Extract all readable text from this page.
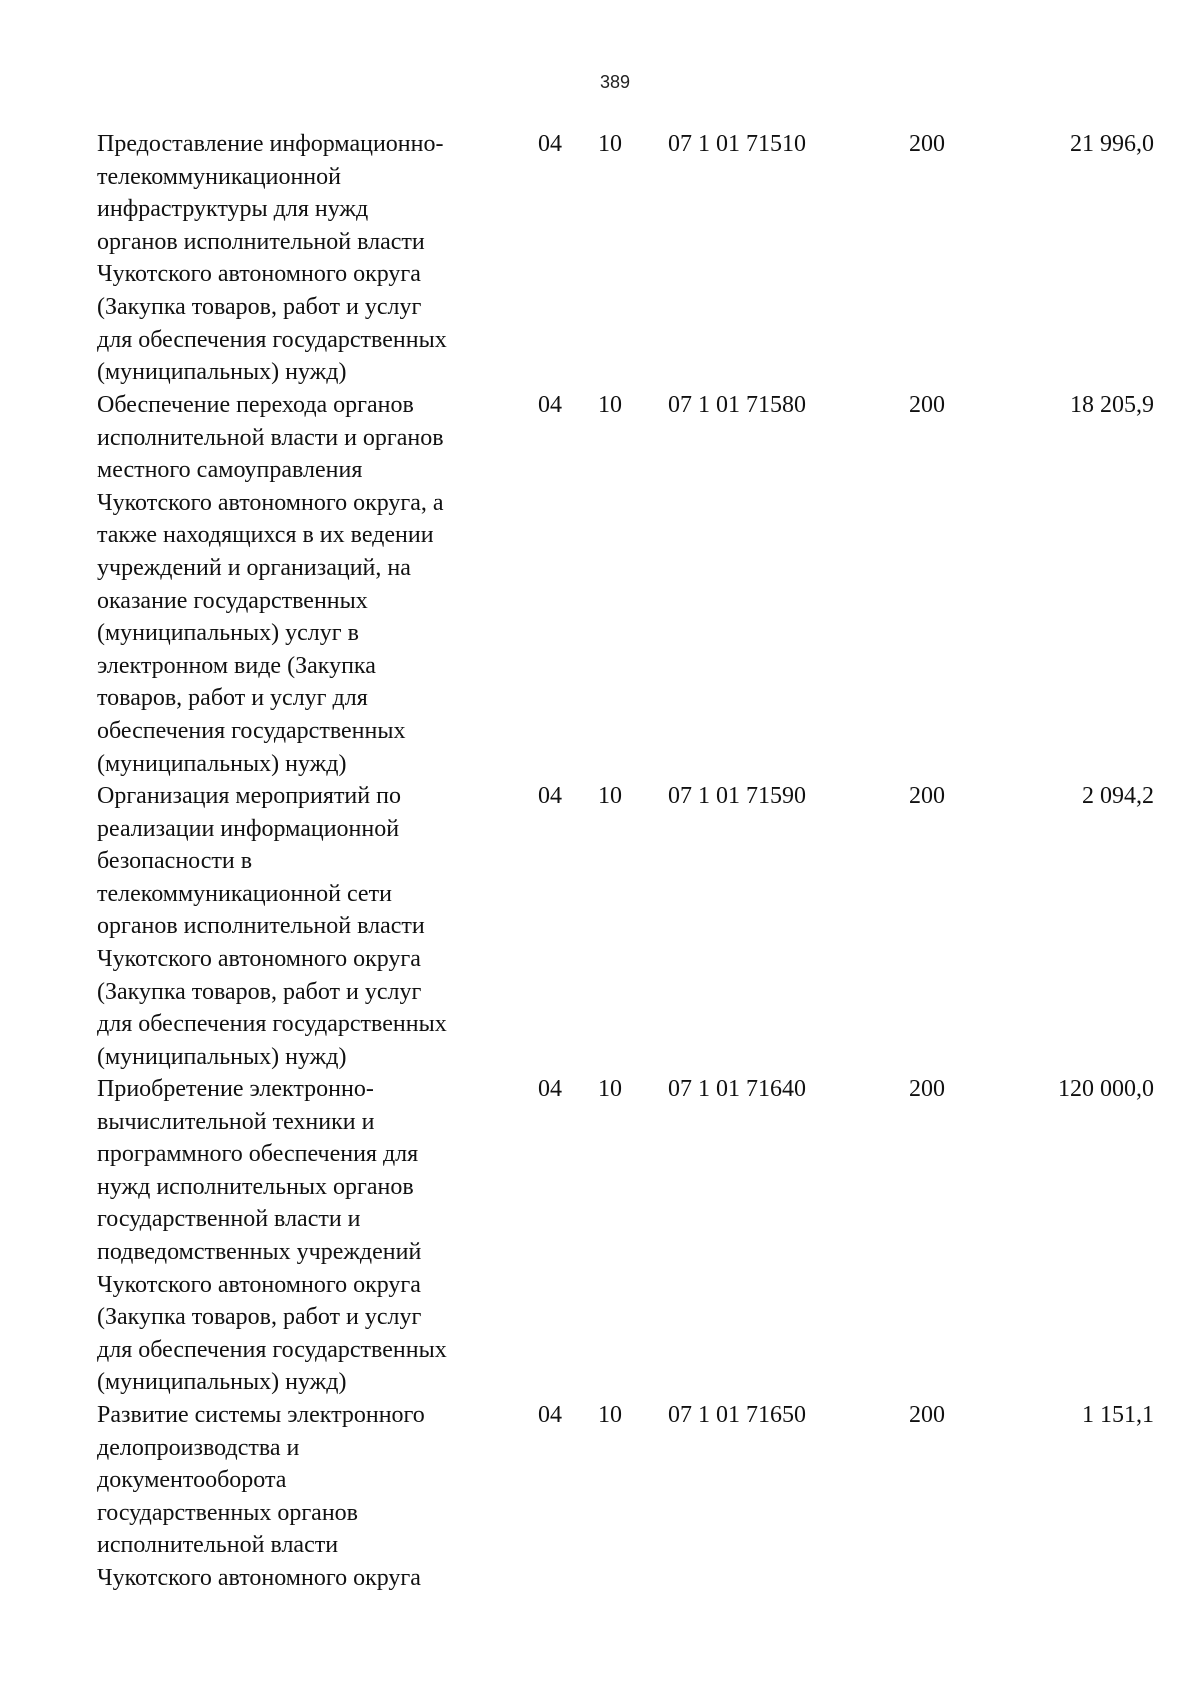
389
Предоставление информационно-
телекоммуникационной
инфраструктуры для нужд
органов исполнительной власти
Чукотского автономного округа
(Закупка товаров, работ и услуг
для обеспечения государственных
(муниципальных) нужд)
04 10 07 1 01 71510	200	21 996,0
Обеспечение перехода органов
исполнительной власти и органов
местного самоуправления
Чукотского автономного округа, а
также находящихся в их ведении
учреждений и организаций, на
оказание государственных
(муниципальных) услуг в
электронном виде (Закупка
товаров, работ и услуг для
обеспечения государственных
(муниципальных) нужд)
04 10 07 1 01 71580	200	18 205,9
Организация мероприятий по
реализации информационной
безопасности в
телекоммуникационной сети
органов исполнительной власти
Чукотского автономного округа
(Закупка товаров, работ и услуг
для обеспечения государственных
(муниципальных) нужд)
04 10 07 1 01 71590	200	2 094,2
Приобретение электронно-
вычислительной техники и
программного обеспечения для
нужд исполнительных органов
государственной власти и
подведомственных учреждений
Чукотского автономного округа
(Закупка товаров, работ и услуг
для обеспечения государственных
(муниципальных) нужд)
04 10 07 1 01 71640	200	120 000,0
Развитие системы электронного
делопроизводства и
документооборота
государственных органов
исполнительной власти
Чукотского автономного округа
04 10 07 1 01 71650	200	1 151,1
